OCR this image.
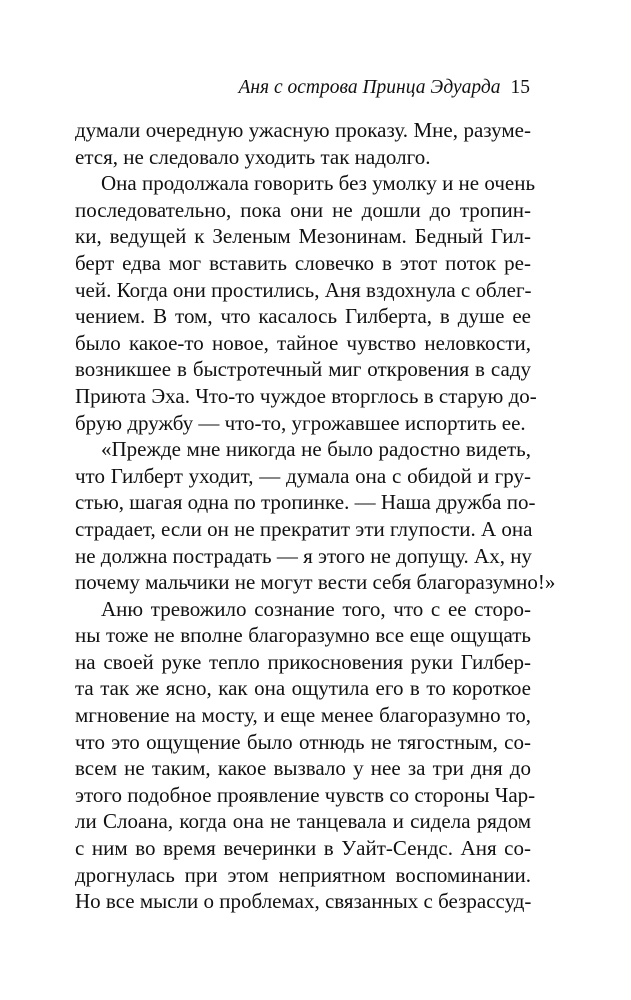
Аня с острова Принца Эдуарда 15
думали очередную ужасную проказу. Мне, разуме-
ется, не следовало уходить так надолго.
Она продолжала говорить без умолку и не очень
последовательно, пока они не дошли до тропин-
ки, ведущей к Зеленым Мезонинам. Бедный Гил-
берт едва мог вставить словечко в этот поток ре-
чей. Когда они простились, Аня вздохнула с облег-
чением. В том, что касалось Гилберта, в душе ее
было какое-то новое, тайное чувство неловкости,
возникшее в быстротечный миг откровения в саду
Приюта Эха. Что-то чуждое вторглось в старую до-
брую дружбу — что-то, угрожавшее испортить ее.
«Прежде мне никогда не было радостно видеть,
что Гилберт уходит, — думала она с обидой и гру-
стью, шагая одна по тропинке. — Наша дружба по-
страдает, если он не прекратит эти глупости. А она
не должна пострадать — я этого не допущу. Ах, ну
почему мальчики не могут вести себя благоразумно!»
Аню тревожило сознание того, что с ее сторо-
ны тоже не вполне благоразумно все еще ощущать
на своей руке тепло прикосновения руки Гилбер-
та так же ясно, как она ощутила его в то короткое
мгновение на мосту, и еще менее благоразумно то,
что это ощущение было отнюдь не тягостным, со-
всем не таким, какое вызвало у нее за три дня до
этого подобное проявление чувств со стороны Чар-
ли Слоана, когда она не танцевала и сидела рядом
с ним во время вечеринки в Уайт-Сендс. Аня со-
дрогнулась при этом неприятном воспоминании.
Но все мысли о проблемах, связанных с безрассуд-
